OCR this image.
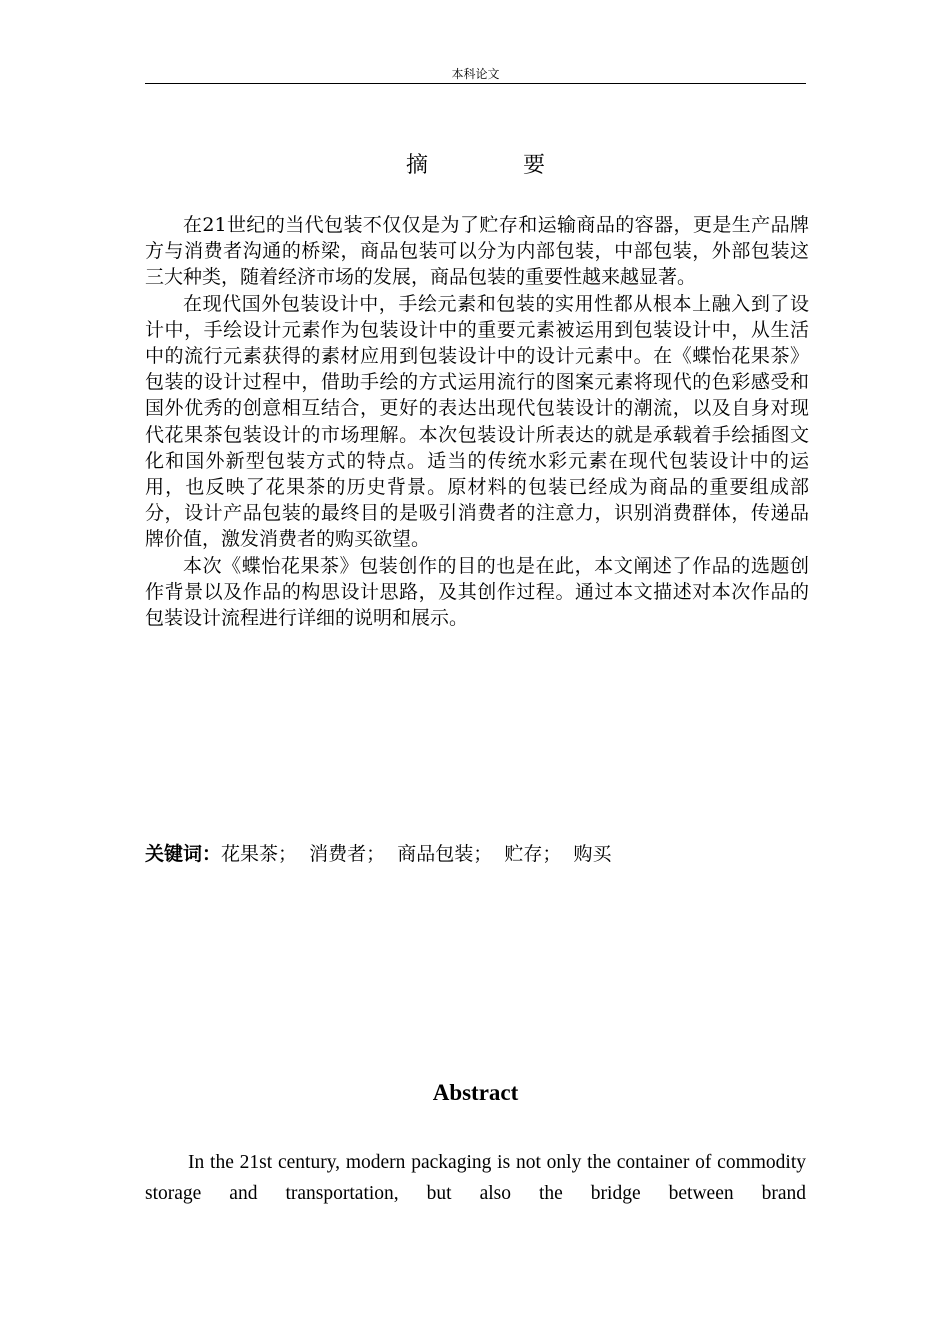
本科论文
摘 要

在21世纪的当代包装不仅仅是为了贮存和运输商品的容器，更是生产品牌方与消费者沟通的桥梁，商品包装可以分为内部包装，中部包装，外部包装这三大种类，随着经济市场的发展，商品包装的重要性越来越显著。

在现代国外包装设计中，手绘元素和包装的实用性都从根本上融入到了设计中，手绘设计元素作为包装设计中的重要元素被运用到包装设计中，从生活中的流行元素获得的素材应用到包装设计中的设计元素中。在《蝶怡花果茶》包装的设计过程中，借助手绘的方式运用流行的图案元素将现代的色彩感受和国外优秀的创意相互结合，更好的表达出现代包装设计的潮流，以及自身对现代花果茶包装设计的市场理解。本次包装设计所表达的就是承载着手绘插图文化和国外新型包装方式的特点。适当的传统水彩元素在现代包装设计中的运用，也反映了花果茶的历史背景。原材料的包装已经成为商品的重要组成部分，设计产品包装的最终目的是吸引消费者的注意力，识别消费群体，传递品牌价值，激发消费者的购买欲望。

本次《蝶怡花果茶》包装创作的目的也是在此，本文阐述了作品的选题创作背景以及作品的构思设计思路，及其创作过程。通过本文描述对本次作品的包装设计流程进行详细的说明和展示。

关键词：花果茶； 消费者； 商品包装； 贮存； 购买
Abstract

In the 21st century, modern packaging is not only the container of commodity storage and transportation, but also the bridge between brand
